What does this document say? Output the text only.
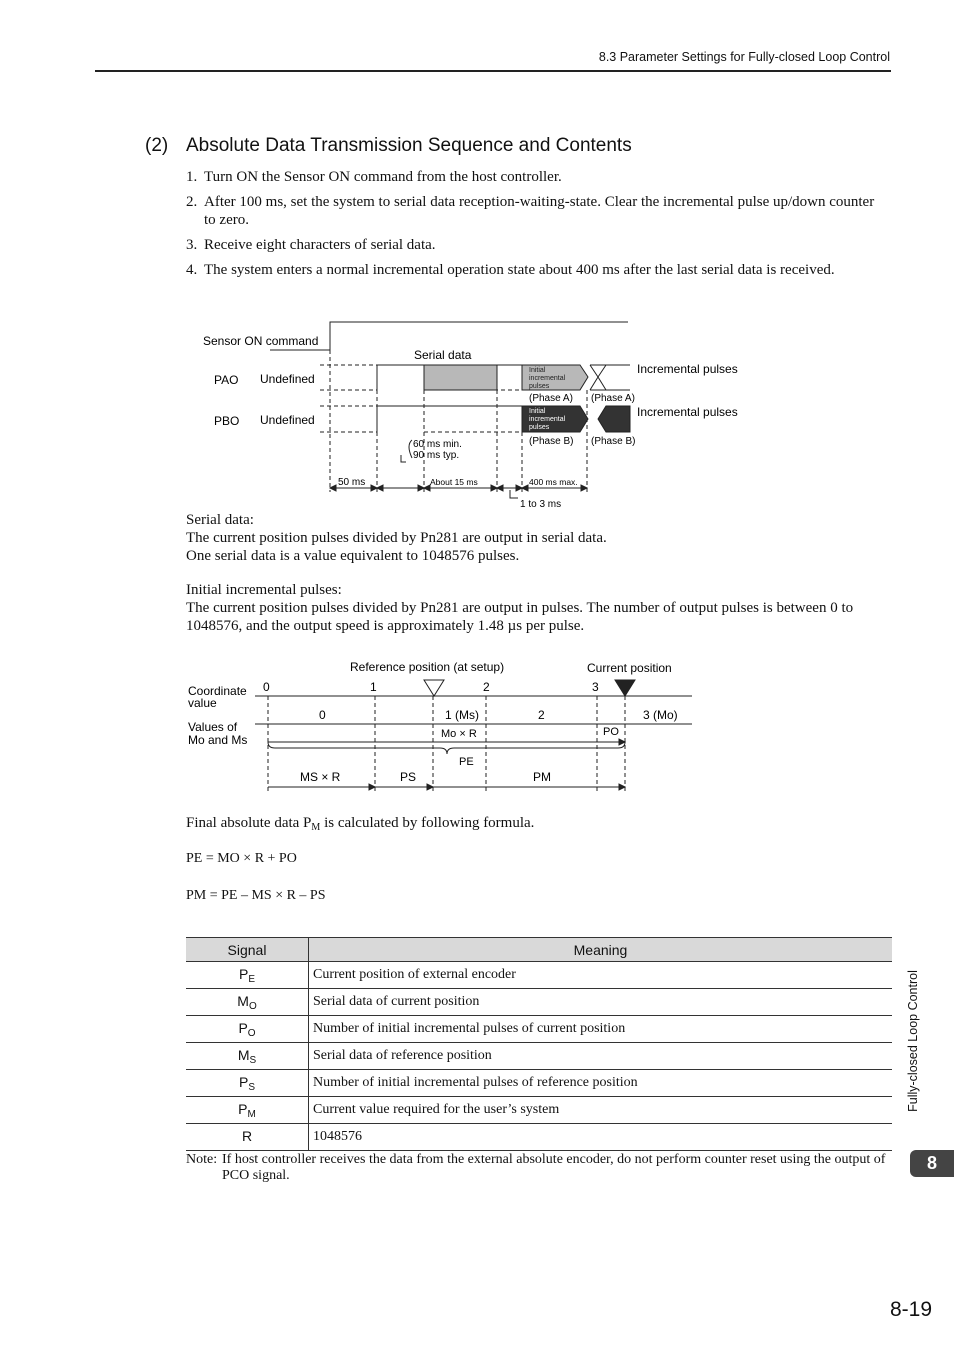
8.3 Parameter Settings for Fully-closed Loop Control
(2) Absolute Data Transmission Sequence and Contents
1. Turn ON the Sensor ON command from the host controller.
2. After 100 ms, set the system to serial data reception-waiting-state. Clear the incremental pulse up/down counter to zero.
3. Receive eight characters of serial data.
4. The system enters a normal incremental operation state about 400 ms after the last serial data is received.
Sensor ON command
Serial data
PAO Undefined
PBO Undefined
Initial
incremental
pulses
Initial
incremental
pulses
Incremental pulses
Incremental pulses
(Phase A) (Phase A)
(Phase B) (Phase B)
60 ms min.
90 ms typ.
50 ms	About 15 ms	400 ms max.
1 to 3 ms
Serial data:
The current position pulses divided by Pn281 are output in serial data.
One serial data is a value equivalent to 1048576 pulses.
Initial incremental pulses:
The current position pulses divided by Pn281 are output in pulses. The number of output pulses is between 0 to 1048576, and the output speed is approximately 1.48 µs per pulse.
Reference position (at setup)	Current position
Coordinate
value
Values of
Mo and Ms
0	1	2	3
0	1 (Ms)	2	3 (Mo)
Mo × R	PO
PE
MS × R	PS	PM
Final absolute data $P_M$ is calculated by following formula.
PE = MO × R + PO
PM = PE – MS × R – PS
Signal	Meaning
$P_E$	Current position of external encoder
$M_O$	Serial data of current position
$P_O$	Number of initial incremental pulses of current position
$M_S$	Serial data of reference position
$P_S$	Number of initial incremental pulses of reference position
$P_M$	Current value required for the user’s system
R	1048576
Note: If host controller receives the data from the external absolute encoder, do not perform counter reset using the output of PCO signal.
Fully-closed Loop Control
8
8-19
